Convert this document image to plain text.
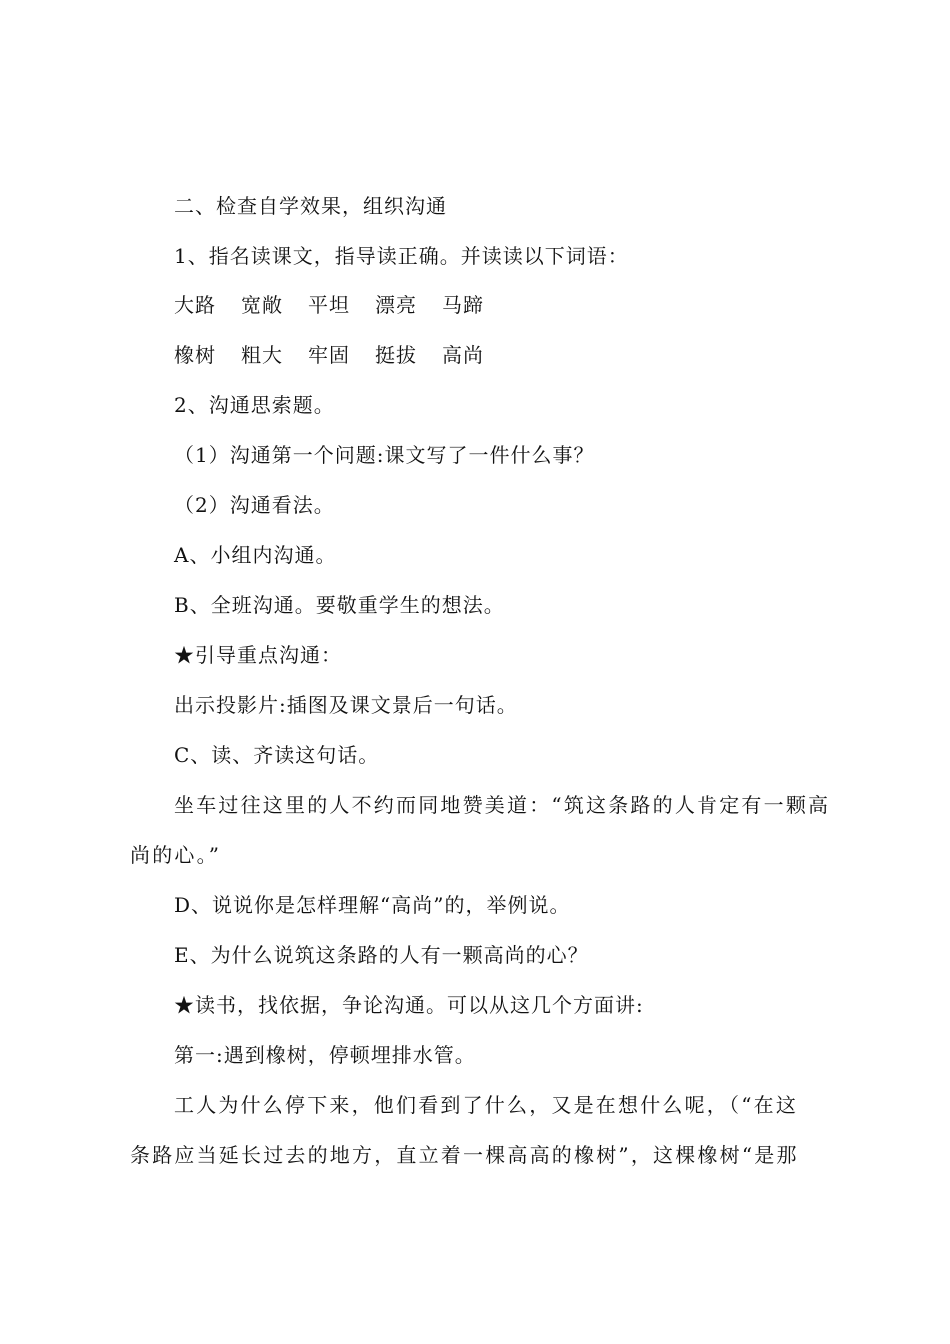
二、检查自学效果，组织沟通
1、指名读课文，指导读正确。并读读以下词语：
大路 宽敞 平坦 漂亮 马蹄
橡树 粗大 牢固 挺拔 高尚
2、沟通思索题。
（1）沟通第一个问题:课文写了一件什么事？
（2）沟通看法。
A、小组内沟通。
B、全班沟通。要敬重学生的想法。
★引导重点沟通：
出示投影片:插图及课文景后一句话。
C、读、齐读这句话。
坐车过往这里的人不约而同地赞美道：“筑这条路的人肯定有一颗高
尚的心。”
D、说说你是怎样理解“高尚”的，举例说。
E、为什么说筑这条路的人有一颗高尚的心？
★读书，找依据，争论沟通。可以从这几个方面讲:
第一:遇到橡树，停顿埋排水管。
工人为什么停下来，他们看到了什么，又是在想什么呢，（“在这
条路应当延长过去的地方，直立着一棵高高的橡树”，这棵橡树“是那
